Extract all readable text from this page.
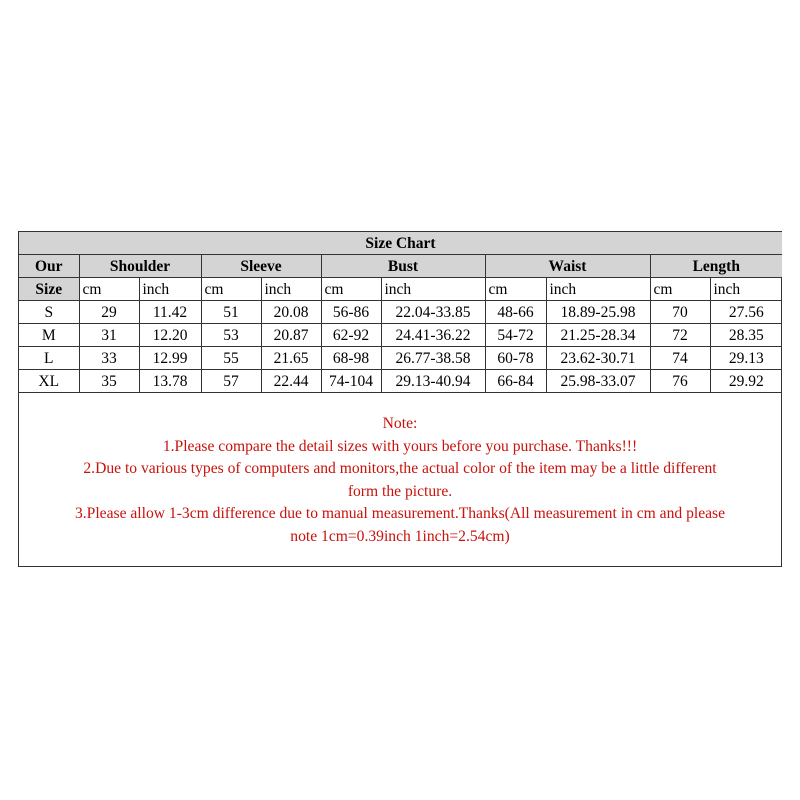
Size Chart										
Our	Shoulder		Sleeve		Bust		Waist		Length	
Size	cm	inch	cm	inch	cm	inch	cm	inch	cm	inch
S	29	11.42	51	20.08	56-86	22.04-33.85	48-66	18.89-25.98	70	27.56
M	31	12.20	53	20.87	62-92	24.41-36.22	54-72	21.25-28.34	72	28.35
L	33	12.99	55	21.65	68-98	26.77-38.58	60-78	23.62-30.71	74	29.13
XL	35	13.78	57	22.44	74-104	29.13-40.94	66-84	25.98-33.07	76	29.92
Note:
1.Please compare the detail sizes with yours before you purchase. Thanks!!!
2.Due to various types of computers and monitors,the actual color of the item may be a little different
form the picture.
3.Please allow 1-3cm difference due to manual measurement.Thanks(All measurement in cm and please
note 1cm=0.39inch 1inch=2.54cm)
